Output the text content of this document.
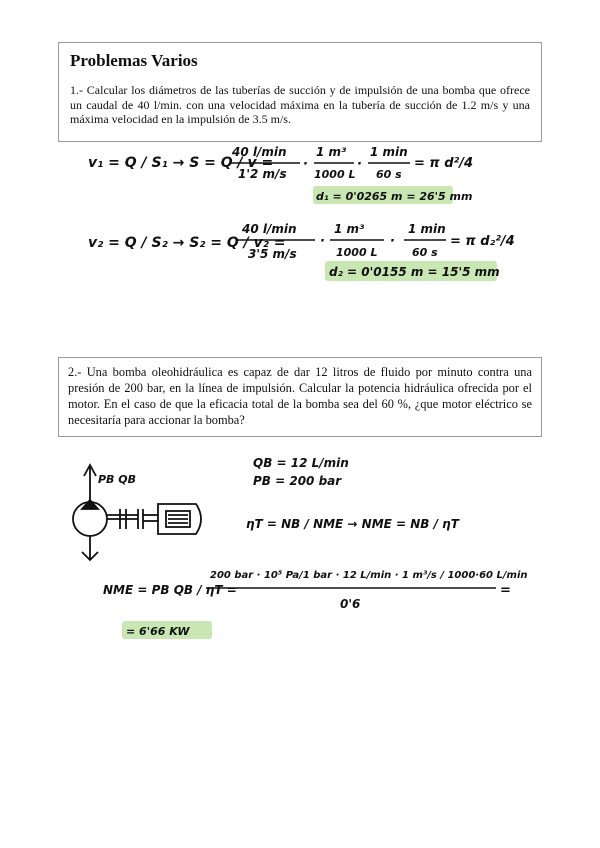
Problemas Varios

1.- Calcular los diámetros de las tuberías de succión y de impulsión de una bomba que ofrece un caudal de 40 l/min. con una velocidad máxima en la tubería de succión de 1.2 m/s y una máxima velocidad en la impulsión de 3.5 m/s.

2.- Una bomba oleohidráulica es capaz de dar 12 litros de fluido por minuto contra una presión de 200 bar, en la línea de impulsión. Calcular la potencia hidráulica ofrecida por el motor. En el caso de que la eficacia total de la bomba sea del 60 %, ¿que motor eléctrico se necesitaría para accionar la bomba?

v₁ = Q / S₁ → S = Q / v =
40 l/min
1'2 m/s
·
1 m³
1000 L
·
1 min
60 s
= π d²/4
d₁ = 0'0265 m = 26'5 mm
v₂ = Q / S₂ → S₂ = Q / v₂ =
40 l/min
3'5 m/s
·
1 m³
1000 L
·
1 min
60 s
= π d₂²/4
d₂ = 0'0155 m = 15'5 mm
PB QB
QB = 12 L/min
PB = 200 bar
ηT = NB / NME → NME = NB / ηT
NME = PB QB / ηT =
200 bar · 10⁵ Pa/1 bar · 12 L/min · 1 m³/s / 1000·60 L/min
0'6
=
= 6'66 KW
